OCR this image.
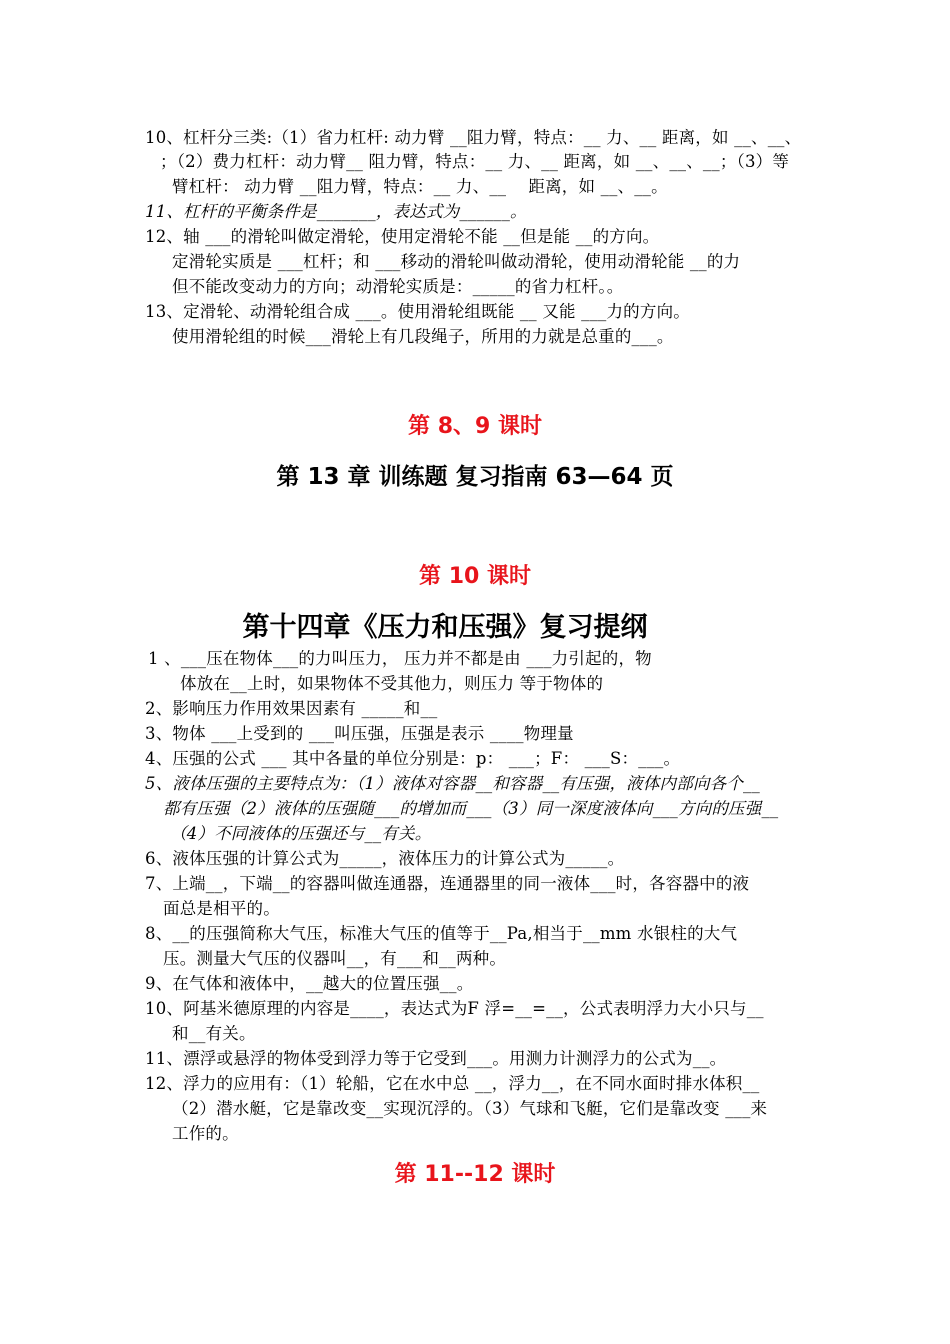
10、杠杆分三类:（1）省力杠杆: 动力臂 __阻力臂，特点：__ 力、__ 距离，如 __、__、
；（2）费力杠杆：动力臂__ 阻力臂，特点：__ 力、__ 距离，如 __、__、__；（3）等
臂杠杆： 动力臂 __阻力臂，特点：__ 力、__　 距离，如 __、__。
11、杠杆的平衡条件是_______，表达式为______。
12、轴 ___的滑轮叫做定滑轮，使用定滑轮不能 __但是能 __的方向。
定滑轮实质是 ___杠杆；和 ___移动的滑轮叫做动滑轮，使用动滑轮能 __的力
但不能改变动力的方向；动滑轮实质是：_____的省力杠杆。。
13、定滑轮、动滑轮组合成 ___。使用滑轮组既能 __ 又能 ___力的方向。
使用滑轮组的时候___滑轮上有几段绳子，所用的力就是总重的___。
第 8、9 课时
第 13 章 训练题 复习指南 63—64 页
第 10 课时
第十四章《压力和压强》复习提纲
1 、___压在物体___的力叫压力， 压力并不都是由 ___力引起的，物
体放在__上时，如果物体不受其他力，则压力 等于物体的
2、影响压力作用效果因素有 _____和__
3、物体 ___上受到的 ___叫压强，压强是表示 ____物理量
4、压强的公式 ___ 其中各量的单位分别是：p： ___；F： ___S：___。
5、液体压强的主要特点为：（1）液体对容器__和容器__有压强，液体内部向各个__
都有压强（2）液体的压强随___的增加而___（3）同一深度液体向___方向的压强__
（4）不同液体的压强还与__有关。
6、液体压强的计算公式为_____，液体压力的计算公式为_____。
7、上端__，下端__的容器叫做连通器，连通器里的同一液体___时，各容器中的液
面总是相平的。
8、__的压强简称大气压，标准大气压的值等于__Pa,相当于__mm 水银柱的大气
压。测量大气压的仪器叫__，有___和__两种。
9、在气体和液体中，__越大的位置压强__。
10、阿基米德原理的内容是____，表达式为F 浮=__=__，公式表明浮力大小只与__
和__有关。
11、漂浮或悬浮的物体受到浮力等于它受到___。用测力计测浮力的公式为__。
12、浮力的应用有：（1）轮船，它在水中总 __，浮力__，在不同水面时排水体积__
（2）潜水艇，它是靠改变__实现沉浮的。（3）气球和飞艇，它们是靠改变 ___来
工作的。
第 11--12 课时
